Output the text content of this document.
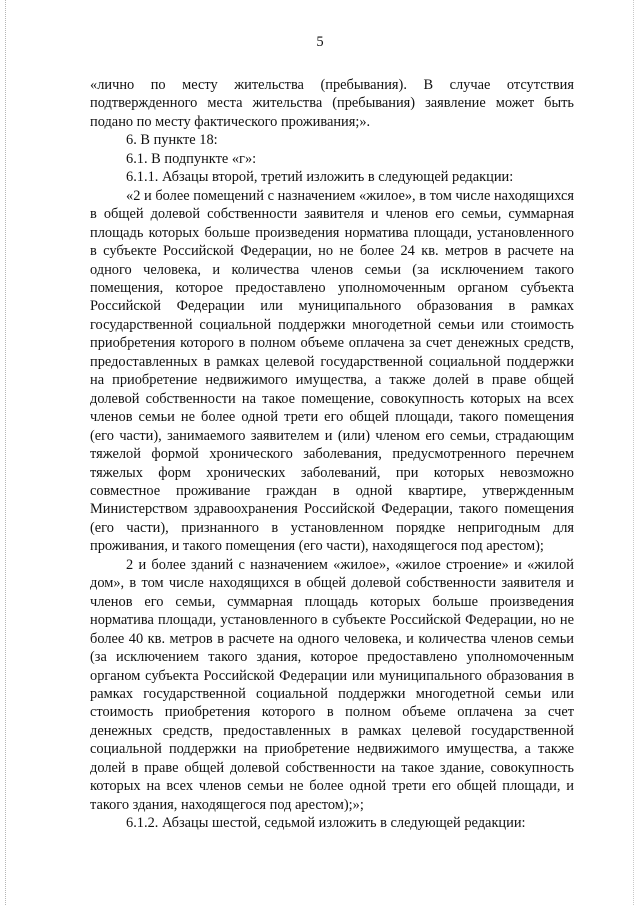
5

«лично по месту жительства (пребывания). В случае отсутствия подтвержденного места жительства (пребывания) заявление может быть подано по месту фактического проживания;».

6. В пункте 18:

6.1. В подпункте «г»:

6.1.1. Абзацы второй, третий изложить в следующей редакции:

«2 и более помещений с назначением «жилое», в том числе находящихся в общей долевой собственности заявителя и членов его семьи, суммарная площадь которых больше произведения норматива площади, установленного в субъекте Российской Федерации, но не более 24 кв. метров в расчете на одного человека, и количества членов семьи (за исключением такого помещения, которое предоставлено уполномоченным органом субъекта Российской Федерации или муниципального образования в рамках государственной социальной поддержки многодетной семьи или стоимость приобретения которого в полном объеме оплачена за счет денежных средств, предоставленных в рамках целевой государственной социальной поддержки на приобретение недвижимого имущества, а также долей в праве общей долевой собственности на такое помещение, совокупность которых на всех членов семьи не более одной трети его общей площади, такого помещения (его части), занимаемого заявителем и (или) членом его семьи, страдающим тяжелой формой хронического заболевания, предусмотренного перечнем тяжелых форм хронических заболеваний, при которых невозможно совместное проживание граждан в одной квартире, утвержденным Министерством здравоохранения Российской Федерации, такого помещения (его части), признанного в установленном порядке непригодным для проживания, и такого помещения (его части), находящегося под арестом);

2 и более зданий с назначением «жилое», «жилое строение» и «жилой дом», в том числе находящихся в общей долевой собственности заявителя и членов его семьи, суммарная площадь которых больше произведения норматива площади, установленного в субъекте Российской Федерации, но не более 40 кв. метров в расчете на одного человека, и количества членов семьи (за исключением такого здания, которое предоставлено уполномоченным органом субъекта Российской Федерации или муниципального образования в рамках государственной социальной поддержки многодетной семьи или стоимость приобретения которого в полном объеме оплачена за счет денежных средств, предоставленных в рамках целевой государственной социальной поддержки на приобретение недвижимого имущества, а также долей в праве общей долевой собственности на такое здание, совокупность которых на всех членов семьи не более одной трети его общей площади, и такого здания, находящегося под арестом);»;

6.1.2. Абзацы шестой, седьмой изложить в следующей редакции:
